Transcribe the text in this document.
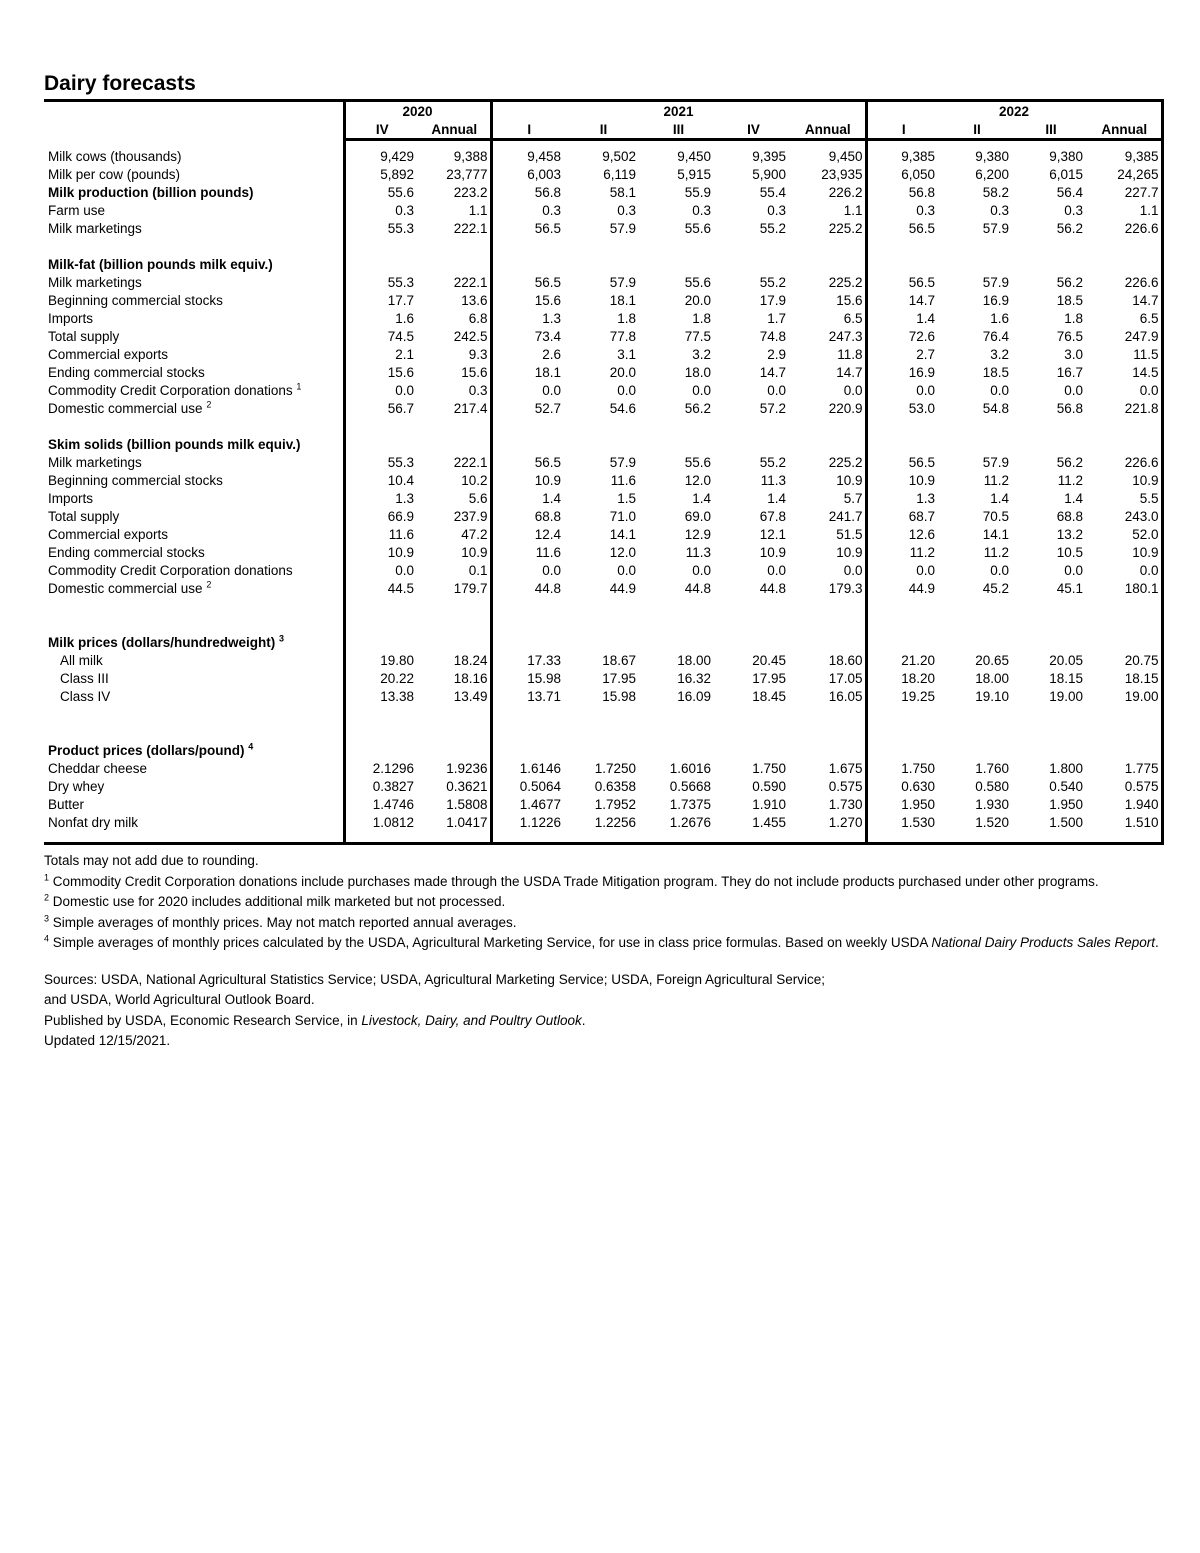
Dairy forecasts
	2020		2021					2022			
	IV	Annual	I	II	III	IV	Annual	I	II	III	Annual

Milk cows (thousands)	9,429	9,388	9,458	9,502	9,450	9,395	9,450	9,385	9,380	9,380	9,385
Milk per cow (pounds)	5,892	23,777	6,003	6,119	5,915	5,900	23,935	6,050	6,200	6,015	24,265
Milk production (billion pounds)	55.6	223.2	56.8	58.1	55.9	55.4	226.2	56.8	58.2	56.4	227.7
Farm use	0.3	1.1	0.3	0.3	0.3	0.3	1.1	0.3	0.3	0.3	1.1
Milk marketings	55.3	222.1	56.5	57.9	55.6	55.2	225.2	56.5	57.9	56.2	226.6

Milk-fat (billion pounds milk equiv.)											
Milk marketings	55.3	222.1	56.5	57.9	55.6	55.2	225.2	56.5	57.9	56.2	226.6
Beginning commercial stocks	17.7	13.6	15.6	18.1	20.0	17.9	15.6	14.7	16.9	18.5	14.7
Imports	1.6	6.8	1.3	1.8	1.8	1.7	6.5	1.4	1.6	1.8	6.5
Total supply	74.5	242.5	73.4	77.8	77.5	74.8	247.3	72.6	76.4	76.5	247.9
Commercial exports	2.1	9.3	2.6	3.1	3.2	2.9	11.8	2.7	3.2	3.0	11.5
Ending commercial stocks	15.6	15.6	18.1	20.0	18.0	14.7	14.7	16.9	18.5	16.7	14.5
Commodity Credit Corporation donations $^1$	0.0	0.3	0.0	0.0	0.0	0.0	0.0	0.0	0.0	0.0	0.0
Domestic commercial use $^2$	56.7	217.4	52.7	54.6	56.2	57.2	220.9	53.0	54.8	56.8	221.8

Skim solids (billion pounds milk equiv.)											
Milk marketings	55.3	222.1	56.5	57.9	55.6	55.2	225.2	56.5	57.9	56.2	226.6
Beginning commercial stocks	10.4	10.2	10.9	11.6	12.0	11.3	10.9	10.9	11.2	11.2	10.9
Imports	1.3	5.6	1.4	1.5	1.4	1.4	5.7	1.3	1.4	1.4	5.5
Total supply	66.9	237.9	68.8	71.0	69.0	67.8	241.7	68.7	70.5	68.8	243.0
Commercial exports	11.6	47.2	12.4	14.1	12.9	12.1	51.5	12.6	14.1	13.2	52.0
Ending commercial stocks	10.9	10.9	11.6	12.0	11.3	10.9	10.9	11.2	11.2	10.5	10.9
Commodity Credit Corporation donations	0.0	0.1	0.0	0.0	0.0	0.0	0.0	0.0	0.0	0.0	0.0
Domestic commercial use $^2$	44.5	179.7	44.8	44.9	44.8	44.8	179.3	44.9	45.2	45.1	180.1

Milk prices (dollars/hundredweight) $^3$											
All milk	19.80	18.24	17.33	18.67	18.00	20.45	18.60	21.20	20.65	20.05	20.75
Class III	20.22	18.16	15.98	17.95	16.32	17.95	17.05	18.20	18.00	18.15	18.15
Class IV	13.38	13.49	13.71	15.98	16.09	18.45	16.05	19.25	19.10	19.00	19.00

Product prices (dollars/pound) $^4$											
Cheddar cheese	2.1296	1.9236	1.6146	1.7250	1.6016	1.750	1.675	1.750	1.760	1.800	1.775
Dry whey	0.3827	0.3621	0.5064	0.6358	0.5668	0.590	0.575	0.630	0.580	0.540	0.575
Butter	1.4746	1.5808	1.4677	1.7952	1.7375	1.910	1.730	1.950	1.930	1.950	1.940
Nonfat dry milk	1.0812	1.0417	1.1226	1.2256	1.2676	1.455	1.270	1.530	1.520	1.500	1.510

Totals may not add due to rounding.
$^1$ Commodity Credit Corporation donations include purchases made through the USDA Trade Mitigation program. They do not include products purchased under other programs.
$^2$ Domestic use for 2020 includes additional milk marketed but not processed.
$^3$ Simple averages of monthly prices. May not match reported annual averages.
$^4$ Simple averages of monthly prices calculated by the USDA, Agricultural Marketing Service, for use in class price formulas. Based on weekly USDA National Dairy Products Sales Report.
Sources: USDA, National Agricultural Statistics Service; USDA, Agricultural Marketing Service; USDA, Foreign Agricultural Service;
and USDA, World Agricultural Outlook Board.
Published by USDA, Economic Research Service, in Livestock, Dairy, and Poultry Outlook.
Updated 12/15/2021.
